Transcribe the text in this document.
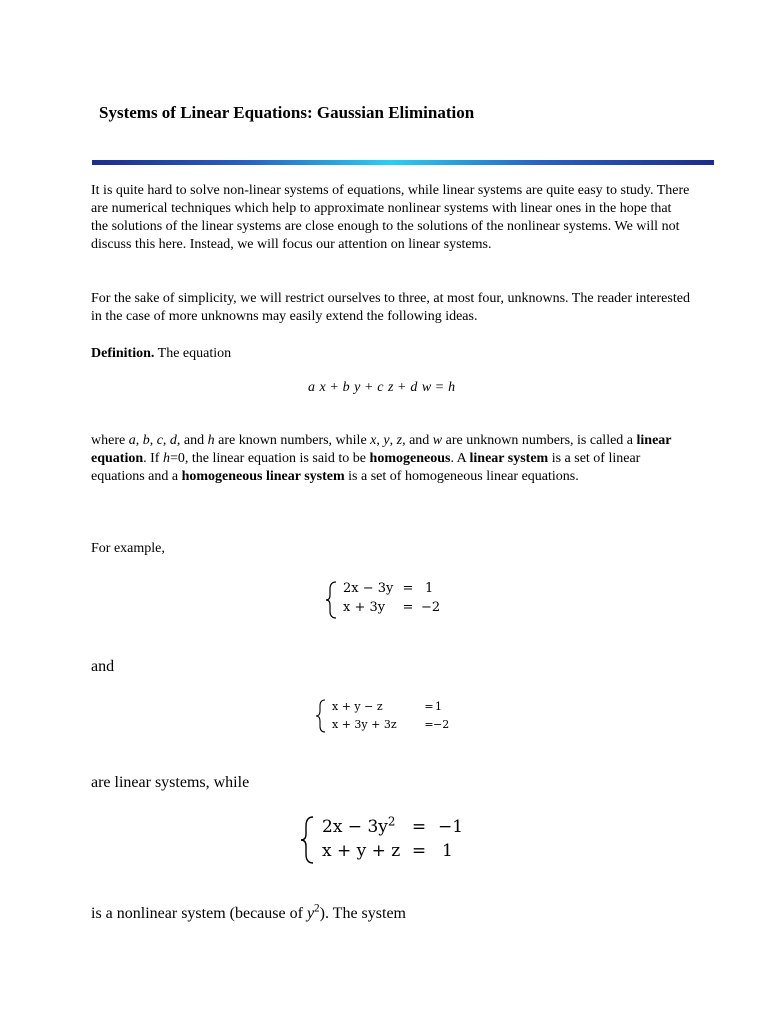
Systems of Linear Equations: Gaussian Elimination
It is quite hard to solve non-linear systems of equations, while linear systems are quite easy to study. There are numerical techniques which help to approximate nonlinear systems with linear ones in the hope that the solutions of the linear systems are close enough to the solutions of the nonlinear systems. We will not discuss this here. Instead, we will focus our attention on linear systems.
For the sake of simplicity, we will restrict ourselves to three, at most four, unknowns. The reader interested in the case of more unknowns may easily extend the following ideas.
Definition. The equation
a x + b y + c z + d w = h
where a, b, c, d, and h are known numbers, while x, y, z, and w are unknown numbers, is called a linear equation. If h=0, the linear equation is said to be homogeneous. A linear system is a set of linear equations and a homogeneous linear system is a set of homogeneous linear equations.
For example,
2x − 3y = 1
x + 3y = −2
and
x + y − z	= 1
x + 3y + 3z	= −2
are linear systems, while
$2x - 3y^2 = -1$
x + y + z = 1
is a nonlinear system (because of $y^2$). The system
